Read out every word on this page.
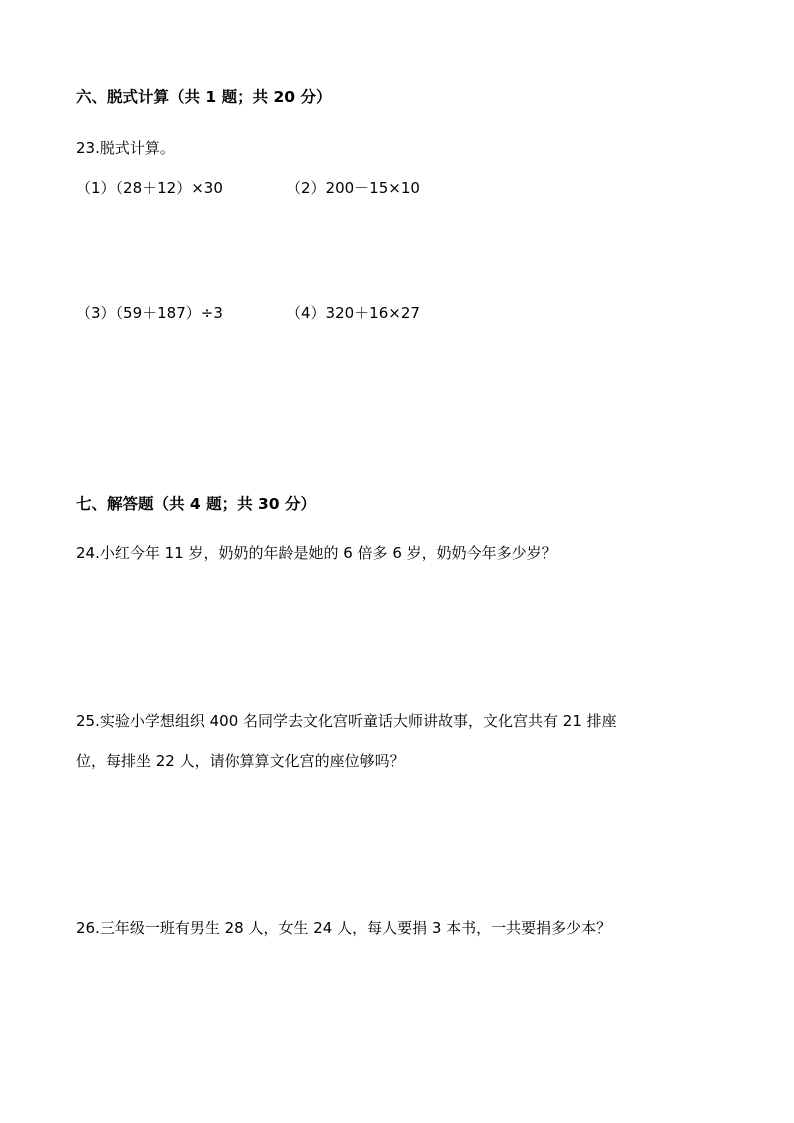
六、脱式计算（共 1 题；共 20 分）
23.脱式计算。
（1）（28＋12）×30	（2）200－15×10
（3）（59＋187）÷3	（4）320＋16×27
七、解答题（共 4 题；共 30 分）
24.小红今年 11 岁，奶奶的年龄是她的 6 倍多 6 岁，奶奶今年多少岁？
25.实验小学想组织 400 名同学去文化宫听童话大师讲故事，文化宫共有 21 排座
位，每排坐 22 人，请你算算文化宫的座位够吗？
26.三年级一班有男生 28 人，女生 24 人，每人要捐 3 本书，一共要捐多少本？
